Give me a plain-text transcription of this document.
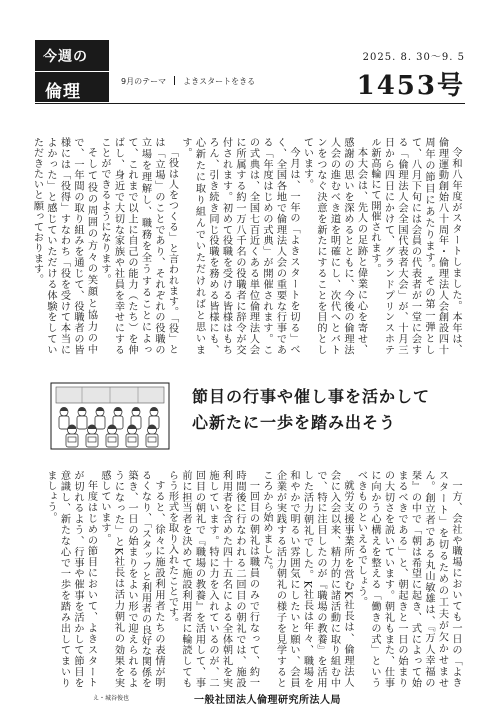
今週の
倫理
9月のテーマ よきスタートをきる
2025. 8. 30～9. 5
1453号

令和八年度がスタートしました。本年は、倫理運動創始八十周年・倫理法人会創設四十周年の節目にあたります。その第一弾として、八月下旬には会員の代表者が一堂に会する「倫理法人会全国代表者大会」が、十月三日から四日にかけて、グランドプリンスホテル新高輪にて開催されます。

本大会は、先人の足跡と偉業に心を寄せ、感謝の思いを深めるとともに、今後の倫理法人会の進むべき道を明確にし、次代へとバトンをつなぐ決意を新たにすることを目的としています。

今月は、一年の「よきスタートを切る」べく、全国各地で倫理法人会の重要な行事である「年度はじめの式典」が開催されます。この式典は、全国七百近くある単位倫理法人会に所属する約一万八千名の役職者に辞令が交付されます。初めて役職を受ける皆様はもちろん、引き続き同じ役職を務める皆様にも、心新たに取り組んでいただければと思います。

「役は人をつくる」と言われます。「役」とは「立場」のことであり、それぞれの役職の立場を理解し、職務を全うすることによって、これまで以上に自己の能力（たち）を伸ばし、身近で大切な家族や社員を幸せにすることができるようになります。

そして役の周囲の方々の笑顔と協力の中で、一年間の取り組みを通じて、役職者の皆様には「役得」すなわち「役を受けて本当によかった」と感じていただける体験をしていただきたいと願っております。

節目の行事や催し事を活かして
心新たに一歩を踏み出そう

一方、会社や職場においても一日の「よきスタート」を切るための工夫が欠かせません。創立者である丸山敏雄は、『万人幸福の栞』の中で「朝は希望に起き、式によって始まるべきである」と、朝起きと一日の始まりの大切さを説いています。朝礼もまた、仕事に向かう心構えを整える「働きの式」というべきものといえるでしょう。

就労支援事業所を営むK社長は、倫理法人会に入会以来、精力的に諸活動に取り組む中で、特に注目したのが『職場の教養』を活用した活力朝礼でした。K社長は年々、職場を和やかで明るい雰囲気にしたいと願い、会員企業が実践する活力朝礼の様子を見学するところから始めました。

一回目の朝礼は職員のみで行なって、約一時間後に行なわれる二回目の朝礼では、施設利用者を含めた四十五名による全体朝礼を実施しています。特に力を入れているのが、二回目の朝礼で『職場の教養』を活用して、事前に担当者を決めて施設利用者に輪読してもらう形式を取り入れたことです。

すると、徐々に施設利用者たちの表情が明るくなり、「スタッフと利用者の良好な関係を築き、一日の始まりをよい形で迎えられるようになった」とK社長は活力朝礼の効果を実感しています。

年度はじめの節目において、よきスタートが切れるよう、行事や催事を活かして節目を意識し、新たな心で一歩を踏み出してまいりましょう。

え・城谷俊也	一般社団法人倫理研究所法人局
